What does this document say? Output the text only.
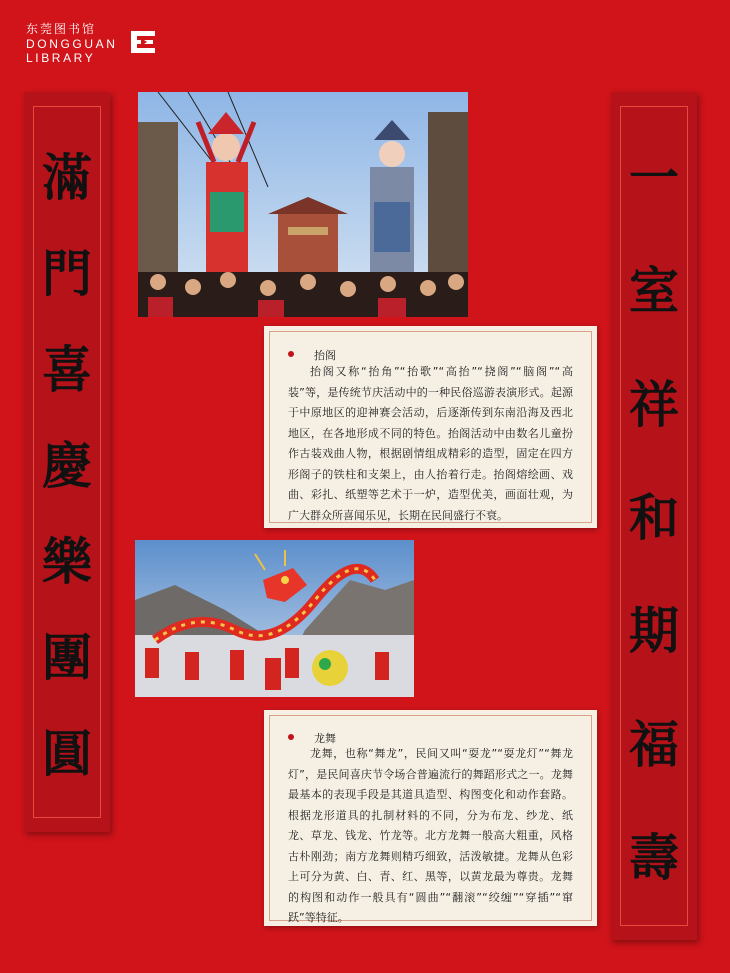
东莞图书馆
DONGGUAN
LIBRARY
滿
門
喜
慶
樂
團
圓
一
室
祥
和
期
福
壽
抬阁
抬阁又称“抬角”“抬歌”“高抬”“挠阁”“脑阁”“高装”等，是传统节庆活动中的一种民俗巡游表演形式。起源于中原地区的迎神赛会活动，后逐渐传到东南沿海及西北地区，在各地形成不同的特色。抬阁活动中由数名儿童扮作古装戏曲人物，根据剧情组成精彩的造型，固定在四方形阁子的铁柱和支架上，由人抬着行走。抬阁熔绘画、戏曲、彩扎、纸塑等艺术于一炉，造型优美，画面壮观，为广大群众所喜闻乐见，长期在民间盛行不衰。
龙舞
龙舞，也称“舞龙”，民间又叫“耍龙”“耍龙灯”“舞龙灯”，是民间喜庆节令场合普遍流行的舞蹈形式之一。龙舞最基本的表现手段是其道具造型、构图变化和动作套路。根据龙形道具的扎制材料的不同，分为布龙、纱龙、纸龙、草龙、钱龙、竹龙等。北方龙舞一般高大粗重，风格古朴刚劲；南方龙舞则精巧细致，活泼敏捷。龙舞从色彩上可分为黄、白、青、红、黑等，以黄龙最为尊贵。龙舞的构图和动作一般具有“圆曲”“翻滚”“绞缠”“穿插”“窜跃”等特征。
